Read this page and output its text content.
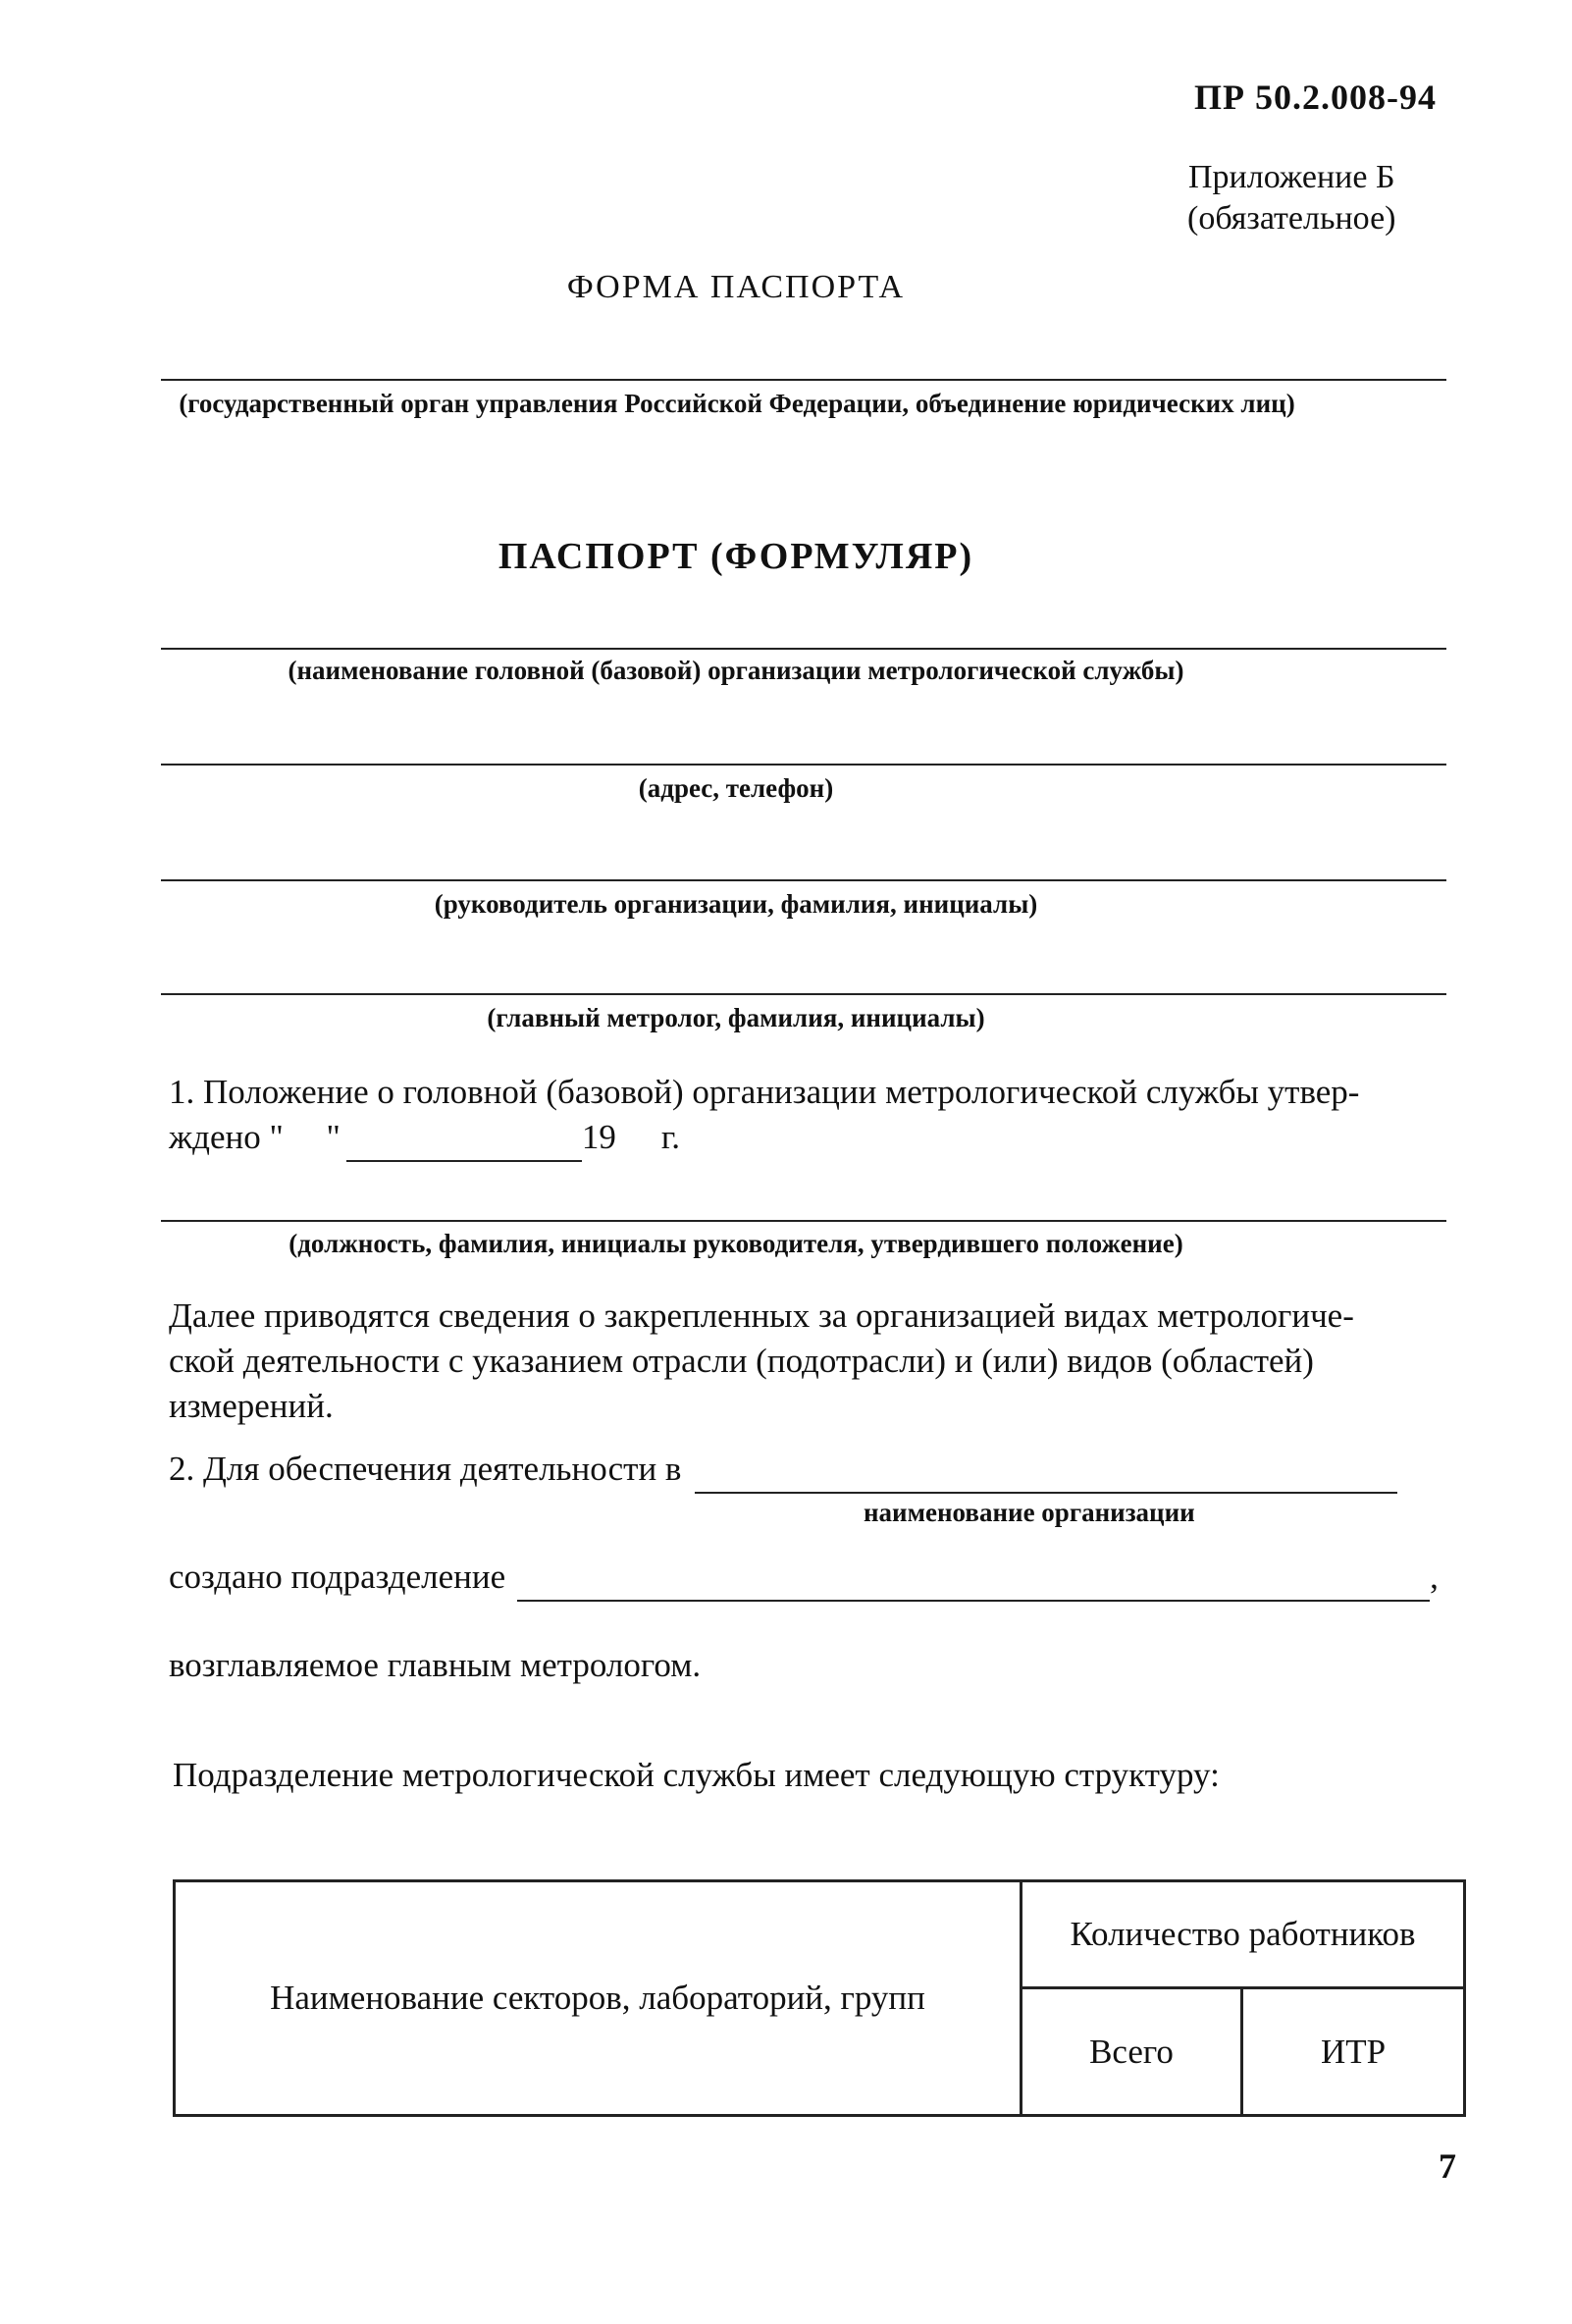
ПР 50.2.008-94
Приложение Б
(обязательное)
ФОРМА ПАСПОРТА
(государственный орган управления Российской Федерации, объединение юридических лиц)
ПАСПОРТ (ФОРМУЛЯР)
(наименование головной (базовой) организации метрологической службы)
(адрес, телефон)
(руководитель организации, фамилия, инициалы)
(главный метролог, фамилия, инициалы)
1. Положение о головной (базовой) организации метрологической службы утвер-
ждено "     "	19 г.
(должность, фамилия, инициалы руководителя, утвердившего положение)
Далее приводятся сведения о закрепленных за организацией видах метрологиче-
ской деятельности с указанием отрасли (подотрасли) и (или) видов (областей)
измерений.
2. Для обеспечения деятельности в
наименование организации
создано подразделение	,
возглавляемое главным метрологом.
Подразделение метрологической службы имеет следующую структуру:
Наименование секторов, лабораторий, групп	Количество работников	
	Всего	ИТР
7
